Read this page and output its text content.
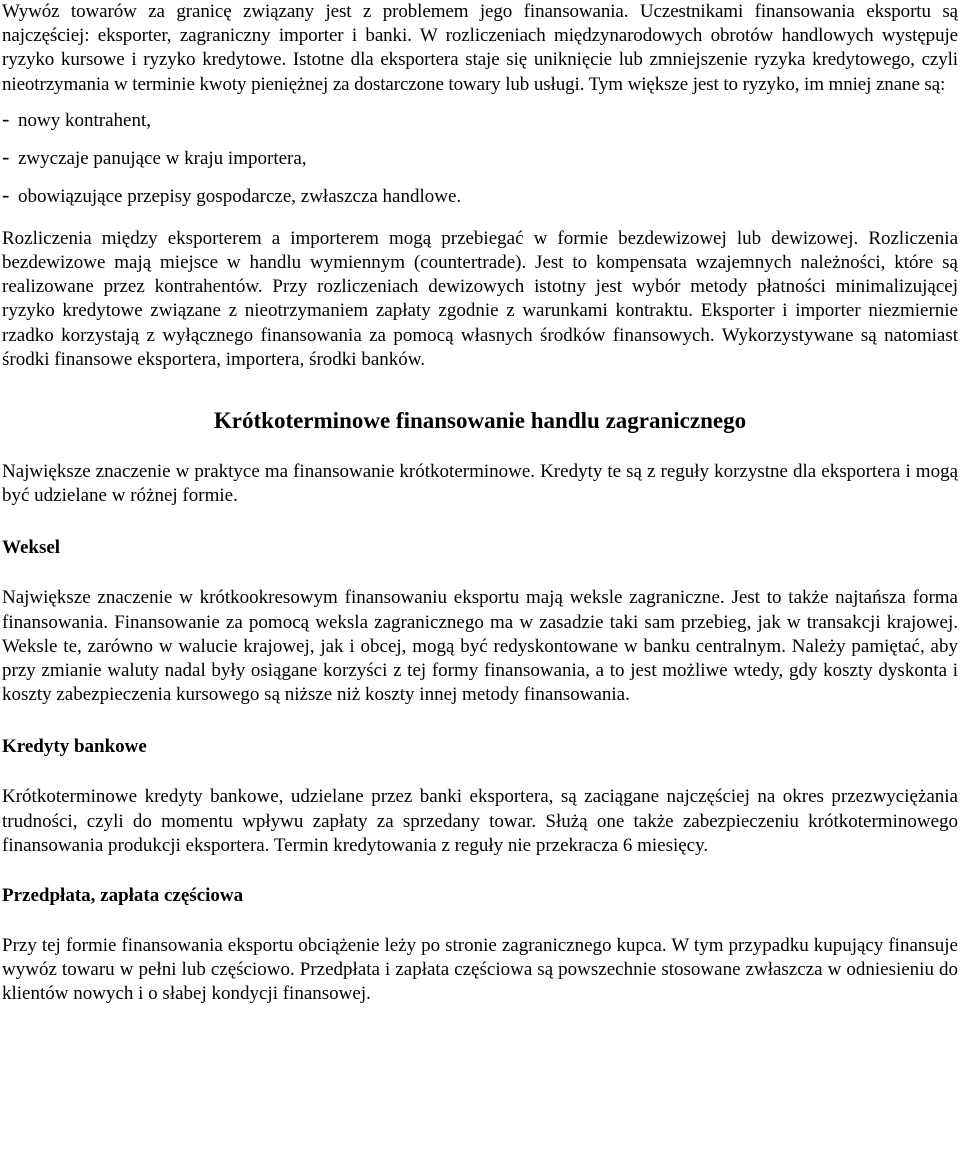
Wywóz towarów za granicę związany jest z problemem jego finansowania. Uczestnikami finansowania eksportu są najczęściej: eksporter, zagraniczny importer i banki. W rozliczeniach międzynarodowych obrotów handlowych występuje ryzyko kursowe i ryzyko kredytowe. Istotne dla eksportera staje się uniknięcie lub zmniejszenie ryzyka kredytowego, czyli nieotrzymania w terminie kwoty pieniężnej za dostarczone towary lub usługi. Tym większe jest to ryzyko, im mniej znane są:

- nowy kontrahent,
- zwyczaje panujące w kraju importera,
- obowiązujące przepisy gospodarcze, zwłaszcza handlowe.

Rozliczenia między eksporterem a importerem mogą przebiegać w formie bezdewizowej lub dewizowej. Rozliczenia bezdewizowe mają miejsce w handlu wymiennym (countertrade). Jest to kompensata wzajemnych należności, które są realizowane przez kontrahentów. Przy rozliczeniach dewizowych istotny jest wybór metody płatności minimalizującej ryzyko kredytowe związane z nieotrzymaniem zapłaty zgodnie z warunkami kontraktu. Eksporter i importer niezmiernie rzadko korzystają z wyłącznego finansowania za pomocą własnych środków finansowych. Wykorzystywane są natomiast środki finansowe eksportera, importera, środki banków.

Krótkoterminowe finansowanie handlu zagranicznego

Największe znaczenie w praktyce ma finansowanie krótkoterminowe. Kredyty te są z reguły korzystne dla eksportera i mogą być udzielane w różnej formie.

Weksel

Największe znaczenie w krótkookresowym finansowaniu eksportu mają weksle zagraniczne. Jest to także najtańsza forma finansowania. Finansowanie za pomocą weksla zagranicznego ma w zasadzie taki sam przebieg, jak w transakcji krajowej. Weksle te, zarówno w walucie krajowej, jak i obcej, mogą być redyskontowane w banku centralnym. Należy pamiętać, aby przy zmianie waluty nadal były osiągane korzyści z tej formy finansowania, a to jest możliwe wtedy, gdy koszty dyskonta i koszty zabezpieczenia kursowego są niższe niż koszty innej metody finansowania.

Kredyty bankowe

Krótkoterminowe kredyty bankowe, udzielane przez banki eksportera, są zaciągane najczęściej na okres przezwyciężania trudności, czyli do momentu wpływu zapłaty za sprzedany towar. Służą one także zabezpieczeniu krótkoterminowego finansowania produkcji eksportera. Termin kredytowania z reguły nie przekracza 6 miesięcy.

Przedpłata, zapłata częściowa

Przy tej formie finansowania eksportu obciążenie leży po stronie zagranicznego kupca. W tym przypadku kupujący finansuje wywóz towaru w pełni lub częściowo. Przedpłata i zapłata częściowa są powszechnie stosowane zwłaszcza w odniesieniu do klientów nowych i o słabej kondycji finansowej.
